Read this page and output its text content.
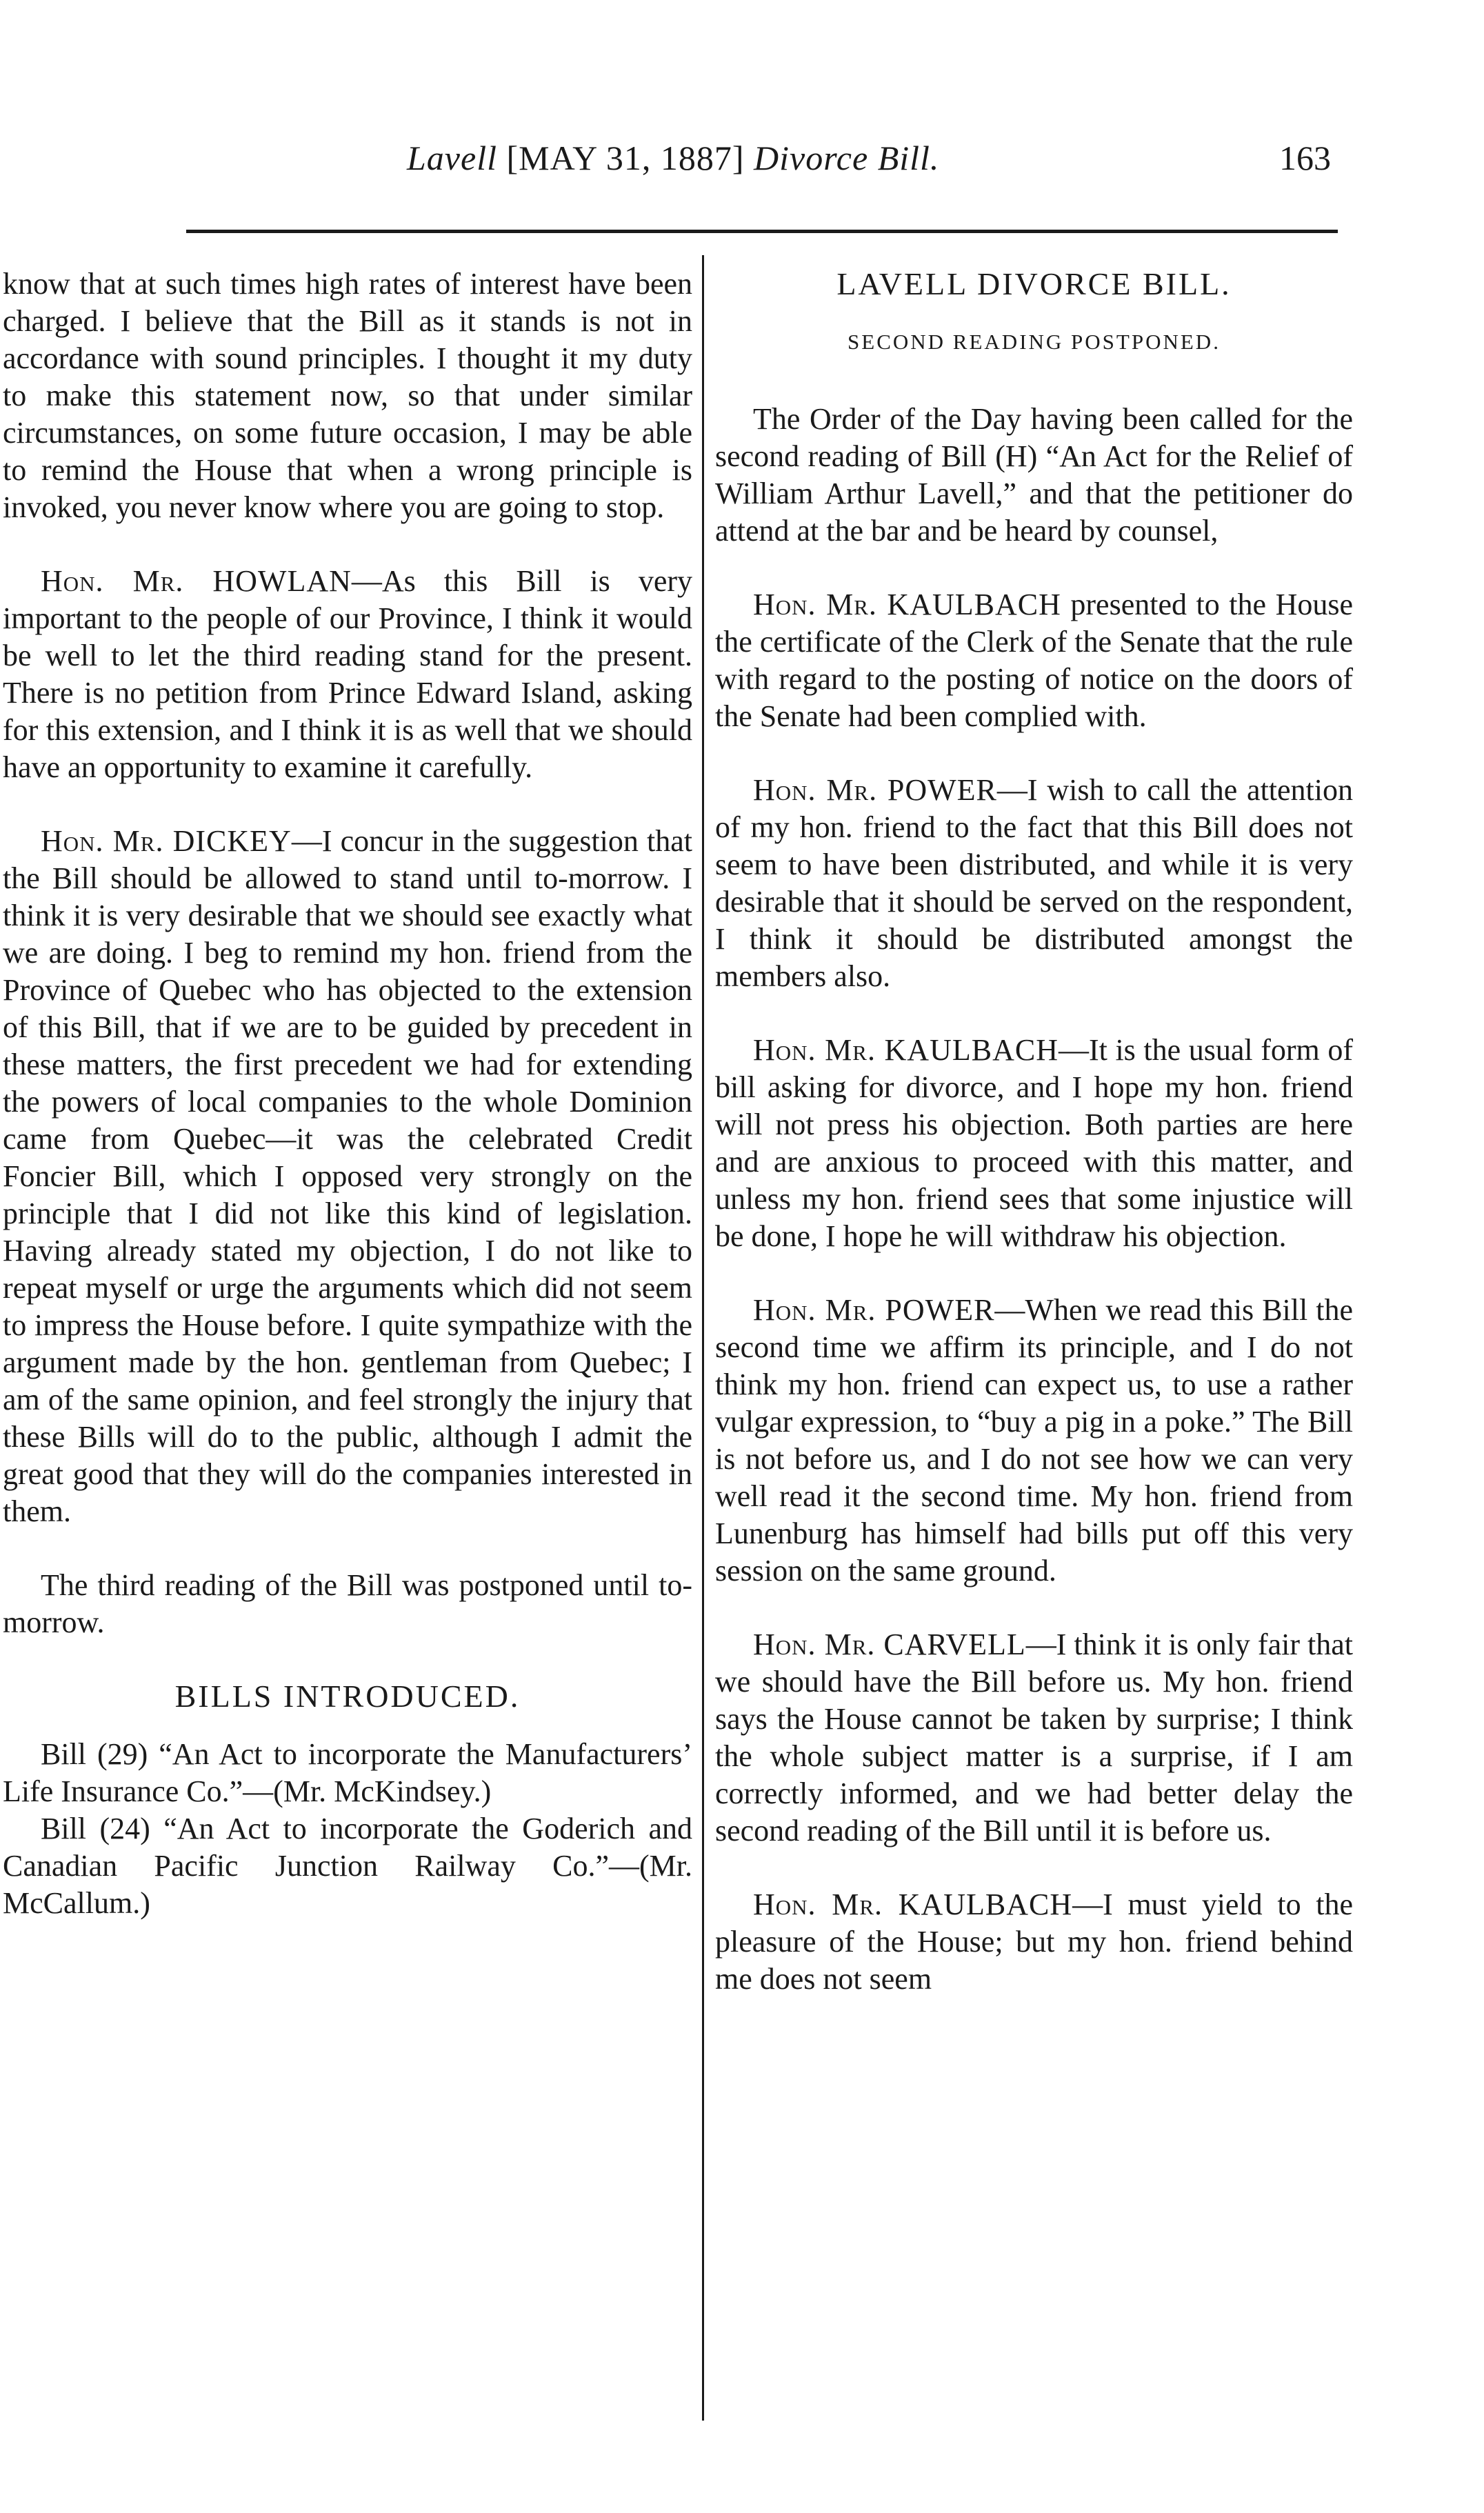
Lavell [MAY 31, 1887] Divorce Bill.	163

know that at such times high rates of interest have been charged. I believe that the Bill as it stands is not in accordance with sound principles. I thought it my duty to make this statement now, so that under similar circumstances, on some future occasion, I may be able to remind the House that when a wrong principle is invoked, you never know where you are going to stop.

Hon. Mr. HOWLAN—As this Bill is very important to the people of our Province, I think it would be well to let the third reading stand for the present. There is no petition from Prince Edward Island, asking for this extension, and I think it is as well that we should have an opportunity to examine it carefully.

Hon. Mr. DICKEY—I concur in the suggestion that the Bill should be allowed to stand until to-morrow. I think it is very desirable that we should see exactly what we are doing. I beg to remind my hon. friend from the Province of Quebec who has objected to the extension of this Bill, that if we are to be guided by precedent in these matters, the first precedent we had for extending the powers of local companies to the whole Dominion came from Quebec—it was the celebrated Credit Foncier Bill, which I opposed very strongly on the principle that I did not like this kind of legislation. Having already stated my objection, I do not like to repeat myself or urge the arguments which did not seem to impress the House before. I quite sympathize with the argument made by the hon. gentleman from Quebec; I am of the same opinion, and feel strongly the injury that these Bills will do to the public, although I admit the great good that they will do the companies interested in them.

The third reading of the Bill was postponed until to-morrow.

BILLS INTRODUCED.

Bill (29) “An Act to incorporate the Manufacturers’ Life Insurance Co.”—(Mr. McKindsey.)

Bill (24) “An Act to incorporate the Goderich and Canadian Pacific Junction Railway Co.”—(Mr. McCallum.)

LAVELL DIVORCE BILL.
SECOND READING POSTPONED.

The Order of the Day having been called for the second reading of Bill (H) “An Act for the Relief of William Arthur Lavell,” and that the petitioner do attend at the bar and be heard by counsel,

Hon. Mr. KAULBACH presented to the House the certificate of the Clerk of the Senate that the rule with regard to the posting of notice on the doors of the Senate had been complied with.

Hon. Mr. POWER—I wish to call the attention of my hon. friend to the fact that this Bill does not seem to have been distributed, and while it is very desirable that it should be served on the respondent, I think it should be distributed amongst the members also.

Hon. Mr. KAULBACH—It is the usual form of bill asking for divorce, and I hope my hon. friend will not press his objection. Both parties are here and are anxious to proceed with this matter, and unless my hon. friend sees that some injustice will be done, I hope he will withdraw his objection.

Hon. Mr. POWER—When we read this Bill the second time we affirm its principle, and I do not think my hon. friend can expect us, to use a rather vulgar expression, to “buy a pig in a poke.” The Bill is not before us, and I do not see how we can very well read it the second time. My hon. friend from Lunenburg has himself had bills put off this very session on the same ground.

Hon. Mr. CARVELL—I think it is only fair that we should have the Bill before us. My hon. friend says the House cannot be taken by surprise; I think the whole subject matter is a surprise, if I am correctly informed, and we had better delay the second reading of the Bill until it is before us.

Hon. Mr. KAULBACH—I must yield to the pleasure of the House; but my hon. friend behind me does not seem
